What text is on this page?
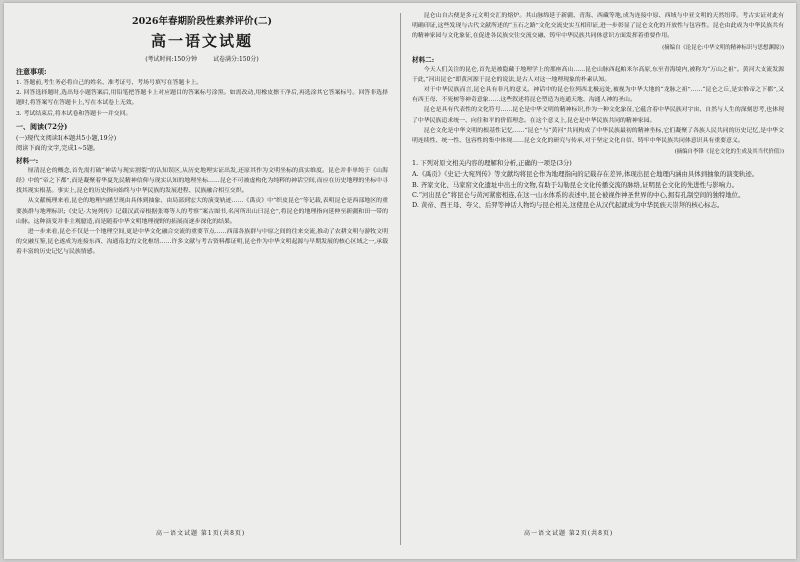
2026年春期阶段性素养评价(二)

高一语文试题

(考试时间:150分钟	试卷满分:150分)

注意事项:

1. 答题前,考生务必将自己的姓名、准考证号、考场号填写在答题卡上。

2. 回答选择题时,选出每小题答案后,用铅笔把答题卡上对应题目的答案标号涂黑。如需改动,用橡皮擦干净后,再选涂其它答案标号。回答非选择题时,将答案写在答题卡上,写在本试卷上无效。

3. 考试结束后,将本试卷和答题卡一并交回。

一、阅读(72分)

(一)现代文阅读Ⅰ(本题共5小题,19分)

阅读下面的文字,完成1~5题。

材料一:

厘清昆仑的概念,首先需打破“神话与现实割裂”的认知误区,从历史地理实证出发,还原其作为文明坐标的真实维度。昆仑并非单纯于《山海经》中的“帝之下都”,而是凝聚着华夏先民精神信仰与现实认知的地理坐标……昆仑不可被虚构化为纯粹的神话空间,而应在历史地理的坐标中寻找其现实根基。事实上,昆仑的历史指向始终与中华民族的发展进程、民族融合相互交织。

从文献梳理来看,昆仑的地理内涵呈现由具体到抽象、由局部到宏大的演变轨迹……《禹贡》中“织皮昆仑”等记载,表明昆仑是西部地区的重要族群与地理标识;《史记·大宛列传》记载汉武帝根据张骞等人的考察“案古图书,名河所出山曰昆仑”,将昆仑的地理指向延伸至新疆和田一带的山脉。这种演变并非主观臆造,而是随着中华文明地理视野的拓展而逐步深化的结果。

进一步来看,昆仑不仅是一个地理空间,更是中华文化融合交流的重要节点……西部各族群与中原之间的往来交流,推动了农耕文明与游牧文明的交融互鉴,昆仑遂成为连接东西、沟通南北的文化枢纽……许多文献与考古资料都证明,昆仑作为中华文明起源与早期发展的核心区域之一,承载着丰富的历史记忆与民族情感。

高一语文试题 第1页(共8页)

昆仑山自古便是多元文明交汇的熔炉。其山脉绵延于新疆、青海、西藏等地,成为连接中原、西域与中亚文明的天然纽带。考古实证对此有明确印证,这些发现与古代文献所述的“玉石之路”文化交流史实互相印证,进一步彰显了昆仑文化的开放性与包容性。昆仑由此成为中华民族共有的精神家园与文化象征,在促进各民族交往交流交融、铸牢中华民族共同体意识方面发挥着重要作用。

(摘编自《论昆仑:中华文明的精神标识与思想渊源》)

材料二:

今天人们关注的昆仑,首先是被隐藏于地理学上的那座高山……昆仑山脉西起帕米尔高原,东至青海境内,被称为“万山之祖”。黄河大支流发源于此,“河出昆仑”即黄河源于昆仑的说法,是古人对这一地理现象的朴素认知。

对于中华民族而言,昆仑具有非凡的意义。神话中的昆仑位列西北极远处,被视为中华大地的“龙脉之祖”……“昆仑之丘,是实惟帝之下都”,又有西王母、不死树等神奇意象……这些叙述将昆仑塑造为连通天地、沟通人神的圣山。

昆仑是具有代表性的文化符号……昆仑是中华文明的精神标识,作为一种文化象征,它蕴含着中华民族对宇宙、自然与人生的深刻思考,也体现了中华民族追求统一、向往和平的价值理念。在这个意义上,昆仑是中华民族共同的精神家园。

昆仑文化是中华文明的根基性记忆……“昆仑”与“黄河”共同构成了中华民族最初的精神坐标,它们凝聚了各族人民共同的历史记忆,是中华文明连续性、统一性、包容性的集中体现……昆仑文化的研究与传承,对于坚定文化自信、铸牢中华民族共同体意识具有重要意义。

(摘编自李锋《昆仑文化的生成及其当代价值》)

1. 下列对原文相关内容的理解和分析,正确的一项是(3分)

A.《禹贡》《史记·大宛列传》等文献均将昆仑作为地理指向的记载存在差异,体现出昆仑地理内涵由具体到抽象的演变轨迹。

B. 齐家文化、马家窑文化遗址中出土的文物,有助于勾勒昆仑文化传播交流的脉络,证明昆仑文化的先进性与影响力。

C.“河出昆仑”将昆仑与黄河紧密相连,在这一山水体系的表述中,昆仑被视作神圣世界的中心,拥有孔制空间的独特地位。

D. 黄帝、西王母、夸父、后羿等神话人物均与昆仑相关,这使昆仑从汉代起就成为中华民族天崇拜的核心标志。

高一语文试题 第2页(共8页)
